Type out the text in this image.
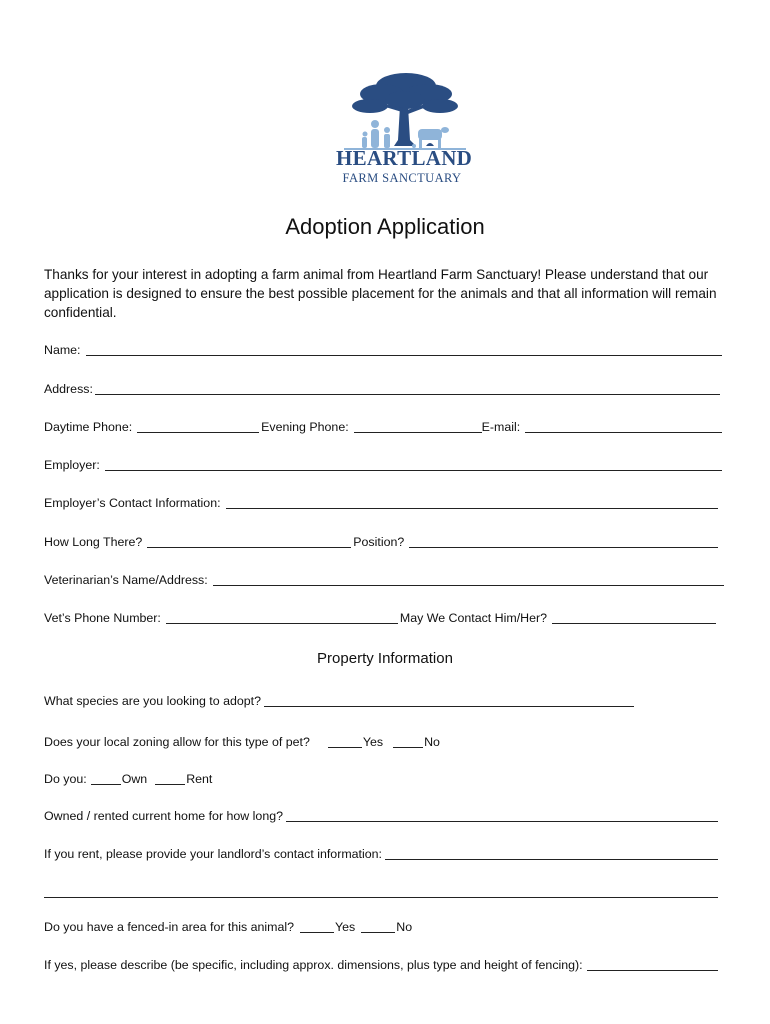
HEARTLAND
FARM SANCTUARY
Adoption Application

Thanks for your interest in adopting a farm animal from Heartland Farm Sanctuary! Please understand that our application is designed to ensure the best possible placement for the animals and that all information will remain confidential.

Name:
Address:
Daytime Phone:	Evening Phone:	E-mail:
Employer:
Employer’s Contact Information:
How Long There?	Position?
Veterinarian’s Name/Address:
Vet’s Phone Number:	May We Contact Him/Her?
Property Information
What species are you looking to adopt?
Does your local zoning allow for this type of pet?	Yes	No
Do you:	Own	Rent
Owned / rented current home for how long?
If you rent, please provide your landlord’s contact information:
Do you have a fenced-in area for this animal?	Yes	No
If yes, please describe (be specific, including approx. dimensions, plus type and height of fencing):
